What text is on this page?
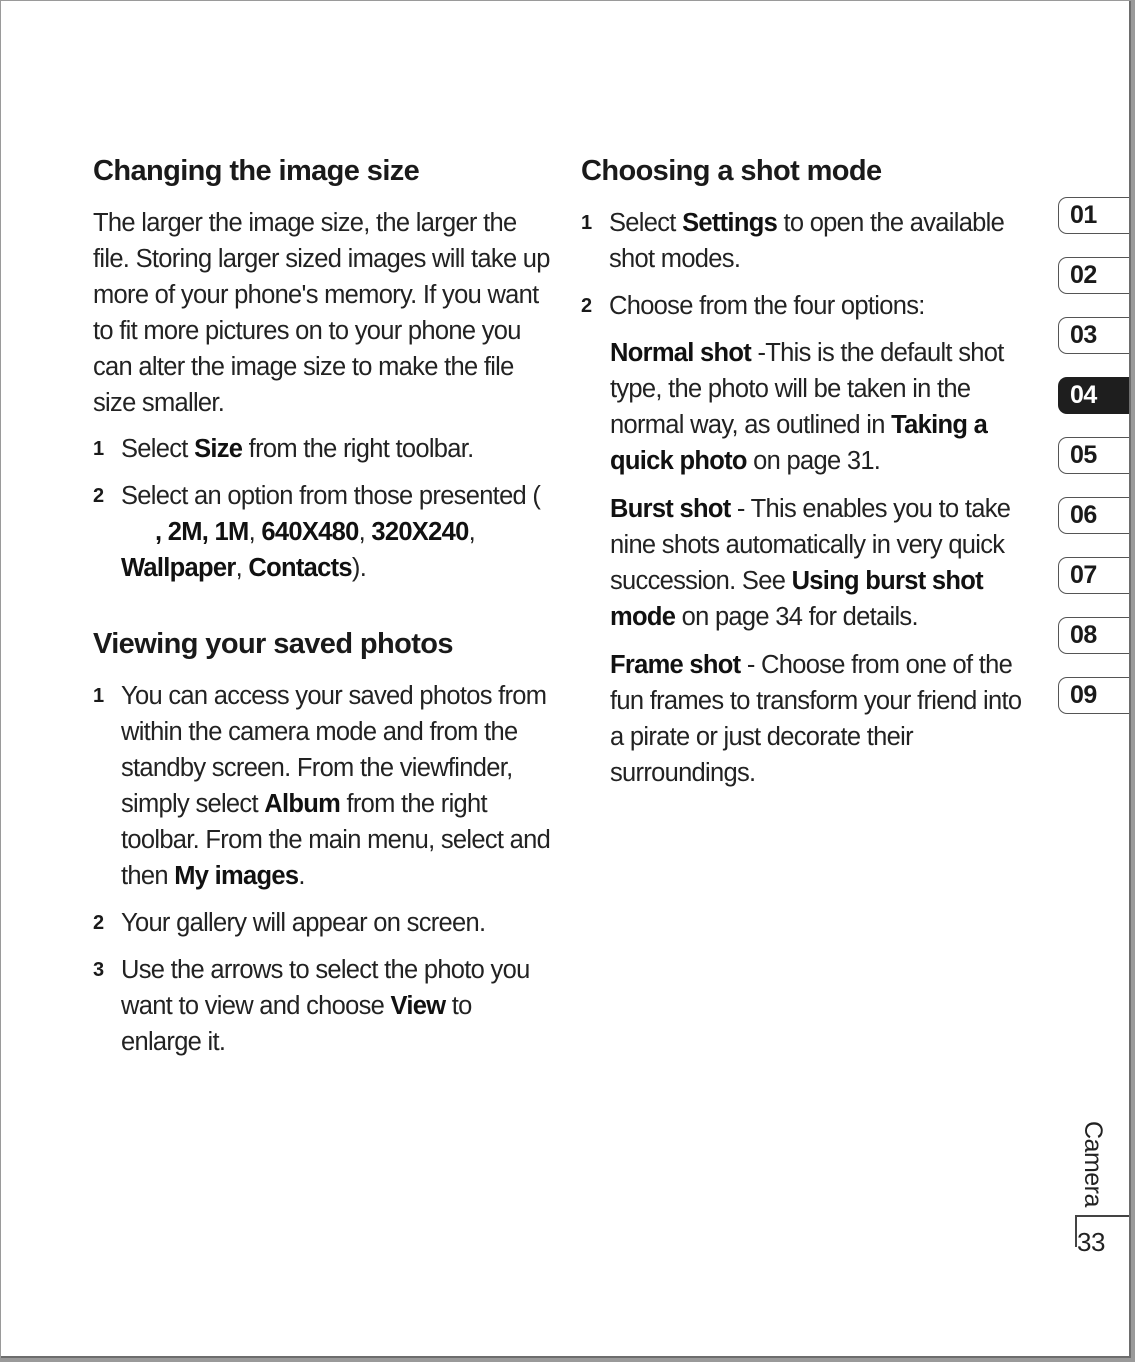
Changing the image size

The larger the image size, the larger the file. Storing larger sized images will take up more of your phone's memory. If you want to fit more pictures on to your phone you can alter the image size to make the file size smaller.

1 Select Size from the right toolbar.
2 Select an option from those presented (, 2M, 1M, 640X480, 320X240, Wallpaper, Contacts).
Viewing your saved photos
1 You can access your saved photos from within the camera mode and from the standby screen. From the viewfinder, simply select Album from the right toolbar. From the main menu, select and then My images.
2 Your gallery will appear on screen.
3 Use the arrows to select the photo you want to view and choose View to enlarge it.
Choosing a shot mode
1 Select Settings to open the available shot modes.
2 Choose from the four options:

Normal shot -This is the default shot type, the photo will be taken in the normal way, as outlined in Taking a quick photo on page 31.

Burst shot - This enables you to take nine shots automatically in very quick succession. See Using burst shot mode on page 34 for details.

Frame shot - Choose from one of the fun frames to transform your friend into a pirate or just decorate their surroundings.

01
02
03
04
05
06
07
08
09
Camera
33
